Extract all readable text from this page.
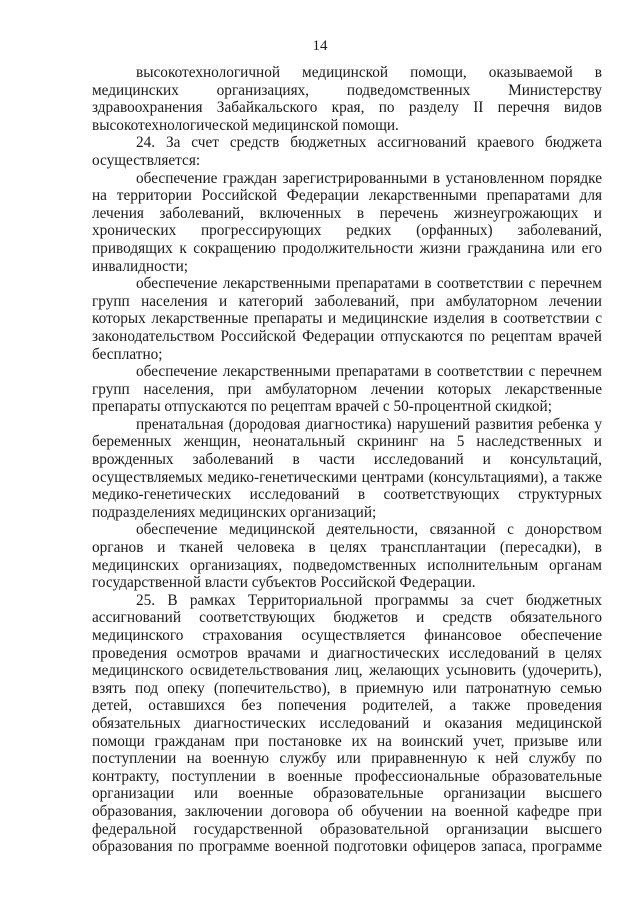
14
высокотехнологичной медицинской помощи, оказываемой в
медицинских организациях, подведомственных Министерству
здравоохранения Забайкальского края, по разделу II перечня видов
высокотехнологической медицинской помощи.
24. За счет средств бюджетных ассигнований краевого бюджета
осуществляется:
обеспечение граждан зарегистрированными в установленном порядке
на территории Российской Федерации лекарственными препаратами для
лечения заболеваний, включенных в перечень жизнеугрожающих и
хронических прогрессирующих редких (орфанных) заболеваний,
приводящих к сокращению продолжительности жизни гражданина или его
инвалидности;
обеспечение лекарственными препаратами в соответствии с перечнем
групп населения и категорий заболеваний, при амбулаторном лечении
которых лекарственные препараты и медицинские изделия в соответствии с
законодательством Российской Федерации отпускаются по рецептам врачей
бесплатно;
обеспечение лекарственными препаратами в соответствии с перечнем
групп населения, при амбулаторном лечении которых лекарственные
препараты отпускаются по рецептам врачей с 50-процентной скидкой;
пренатальная (дородовая диагностика) нарушений развития ребенка у
беременных женщин, неонатальный скрининг на 5 наследственных и
врожденных заболеваний в части исследований и консультаций,
осуществляемых медико-генетическими центрами (консультациями), а также
медико-генетических исследований в соответствующих структурных
подразделениях медицинских организаций;
обеспечение медицинской деятельности, связанной с донорством
органов и тканей человека в целях трансплантации (пересадки), в
медицинских организациях, подведомственных исполнительным органам
государственной власти субъектов Российской Федерации.
25. В рамках Территориальной программы за счет бюджетных
ассигнований соответствующих бюджетов и средств обязательного
медицинского страхования осуществляется финансовое обеспечение
проведения осмотров врачами и диагностических исследований в целях
медицинского освидетельствования лиц, желающих усыновить (удочерить),
взять под опеку (попечительство), в приемную или патронатную семью
детей, оставшихся без попечения родителей, а также проведения
обязательных диагностических исследований и оказания медицинской
помощи гражданам при постановке их на воинский учет, призыве или
поступлении на военную службу или приравненную к ней службу по
контракту, поступлении в военные профессиональные образовательные
организации или военные образовательные организации высшего
образования, заключении договора об обучении на военной кафедре при
федеральной государственной образовательной организации высшего
образования по программе военной подготовки офицеров запаса, программе
